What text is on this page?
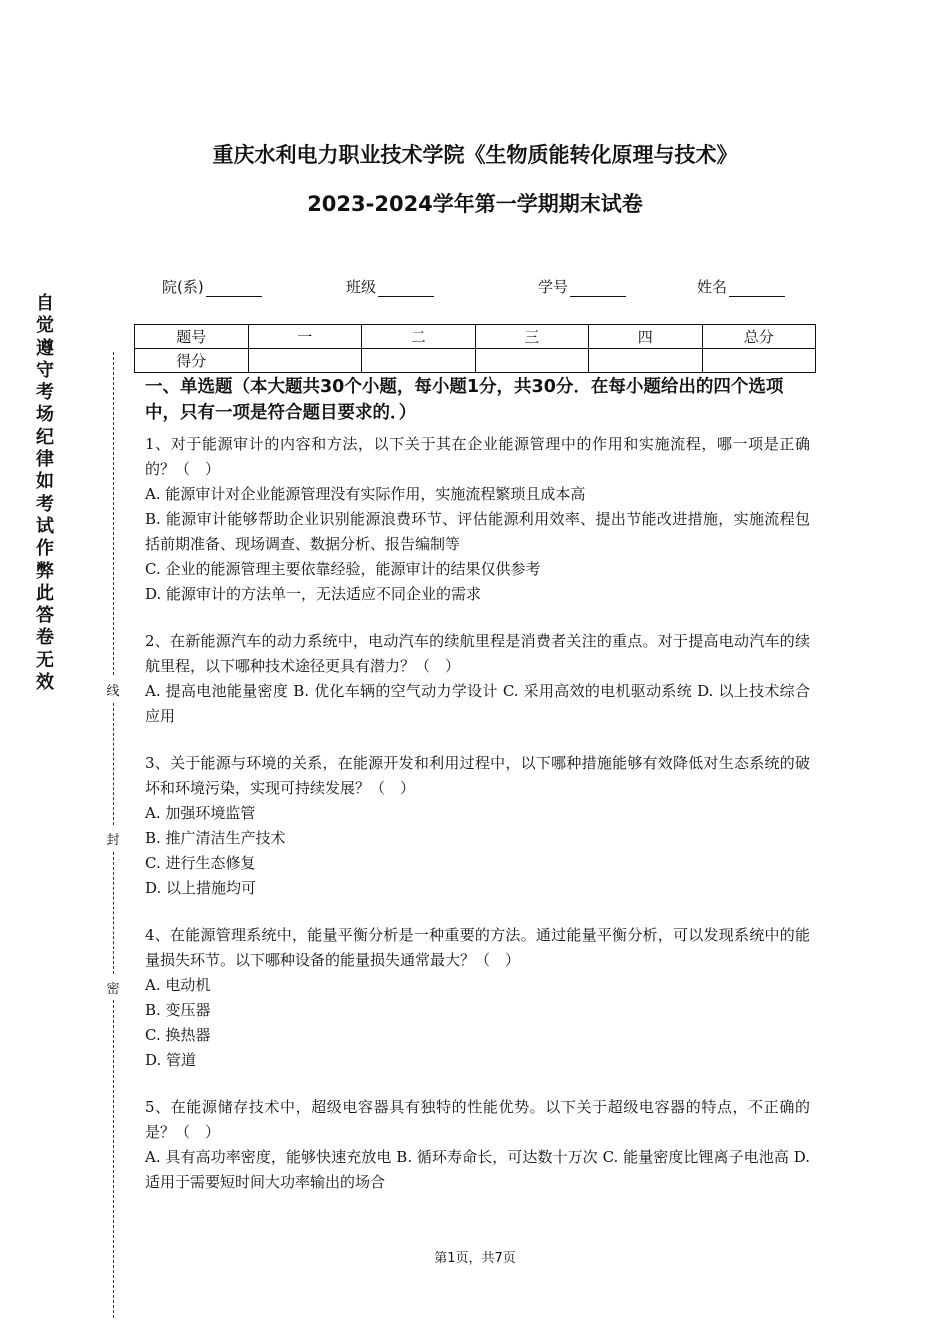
重庆水利电力职业技术学院《生物质能转化原理与技术》
2023-2024学年第一学期期末试卷
院(系)	班级	学号	姓名
题号	一	二	三	四	总分
得分					
自觉遵守考场纪律如考试作弊此答卷无效	线
封
密

一、单选题（本大题共30个小题，每小题1分，共30分．在每小题给出的四个选项中，只有一项是符合题目要求的．）

1、对于能源审计的内容和方法，以下关于其在企业能源管理中的作用和实施流程，哪一项是正确的？（　）

A. 能源审计对企业能源管理没有实际作用，实施流程繁琐且成本高

B. 能源审计能够帮助企业识别能源浪费环节、评估能源利用效率、提出节能改进措施，实施流程包括前期准备、现场调查、数据分析、报告编制等

C. 企业的能源管理主要依靠经验，能源审计的结果仅供参考

D. 能源审计的方法单一，无法适应不同企业的需求

2、在新能源汽车的动力系统中，电动汽车的续航里程是消费者关注的重点。对于提高电动汽车的续航里程，以下哪种技术途径更具有潜力？（　）

A. 提高电池能量密度 B. 优化车辆的空气动力学设计 C. 采用高效的电机驱动系统 D. 以上技术综合应用

3、关于能源与环境的关系，在能源开发和利用过程中，以下哪种措施能够有效降低对生态系统的破坏和环境污染，实现可持续发展？（　）

A. 加强环境监管

B. 推广清洁生产技术

C. 进行生态修复

D. 以上措施均可

4、在能源管理系统中，能量平衡分析是一种重要的方法。通过能量平衡分析，可以发现系统中的能量损失环节。以下哪种设备的能量损失通常最大？（　）

A. 电动机

B. 变压器

C. 换热器

D. 管道

5、在能源储存技术中，超级电容器具有独特的性能优势。以下关于超级电容器的特点，不正确的是？（　）

A. 具有高功率密度，能够快速充放电 B. 循环寿命长，可达数十万次 C. 能量密度比锂离子电池高 D. 适用于需要短时间大功率输出的场合

第1页，共7页
